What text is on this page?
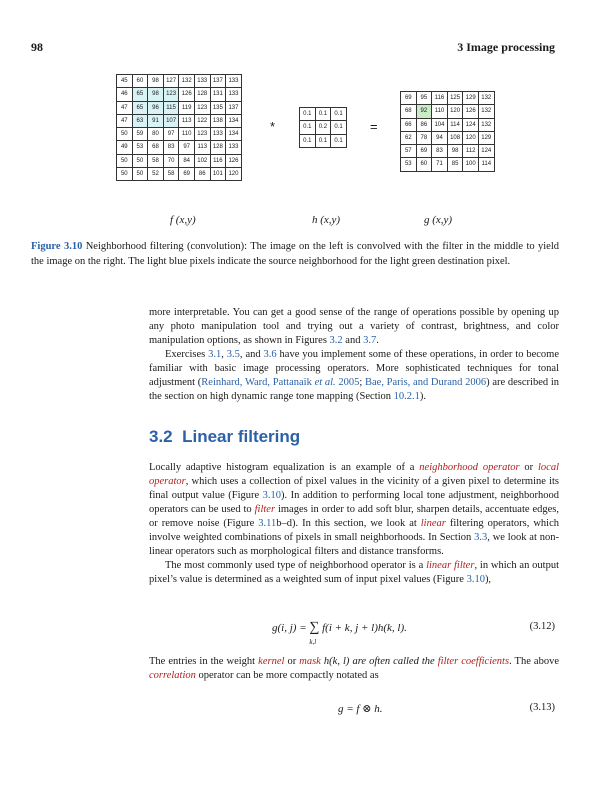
98	3 Image processing
45	60	98	127	132	133	137	133
46	65	98	123	126	128	131	133
47	65	96	115	119	123	135	137
47	63	91	107	113	122	138	134
50	59	80	97	110	123	133	134
49	53	68	83	97	113	128	133
50	50	58	70	84	102	116	126
50	50	52	58	69	86	101	120
*
0.1	0.1	0.1
0.1	0.2	0.1
0.1	0.1	0.1
=
69	95	116	125	129	132
68	92	110	120	126	132
66	86	104	114	124	132
62	78	94	108	120	129
57	69	83	98	112	124
53	60	71	85	100	114
f (x,y)	h (x,y)	g (x,y)
Figure 3.10 Neighborhood filtering (convolution): The image on the left is convolved with the filter in the middle to yield the image on the right. The light blue pixels indicate the source neighborhood for the light green destination pixel.

more interpretable. You can get a good sense of the range of operations possible by opening up any photo manipulation tool and trying out a variety of contrast, brightness, and color manipulation options, as shown in Figures 3.2 and 3.7.

Exercises 3.1, 3.5, and 3.6 have you implement some of these operations, in order to become familiar with basic image processing operators. More sophisticated techniques for tonal adjustment (Reinhard, Ward, Pattanaik et al. 2005; Bae, Paris, and Durand 2006) are described in the section on high dynamic range tone mapping (Section 10.2.1).

3.2 Linear filtering

Locally adaptive histogram equalization is an example of a neighborhood operator or local operator, which uses a collection of pixel values in the vicinity of a given pixel to determine its final output value (Figure 3.10). In addition to performing local tone adjustment, neighborhood operators can be used to filter images in order to add soft blur, sharpen details, accentuate edges, or remove noise (Figure 3.11b–d). In this section, we look at linear filtering operators, which involve weighted combinations of pixels in small neighborhoods. In Section 3.3, we look at non-linear operators such as morphological filters and distance transforms.

The most commonly used type of neighborhood operator is a linear filter, in which an output pixel’s value is determined as a weighted sum of input pixel values (Figure 3.10),

g(i, j) = ∑
k,l
f(i + k, j + l)h(k, l).	(3.12)

The entries in the weight kernel or mask h(k, l) are often called the filter coefficients. The above correlation operator can be more compactly notated as

g = f ⊗ h.	(3.13)
